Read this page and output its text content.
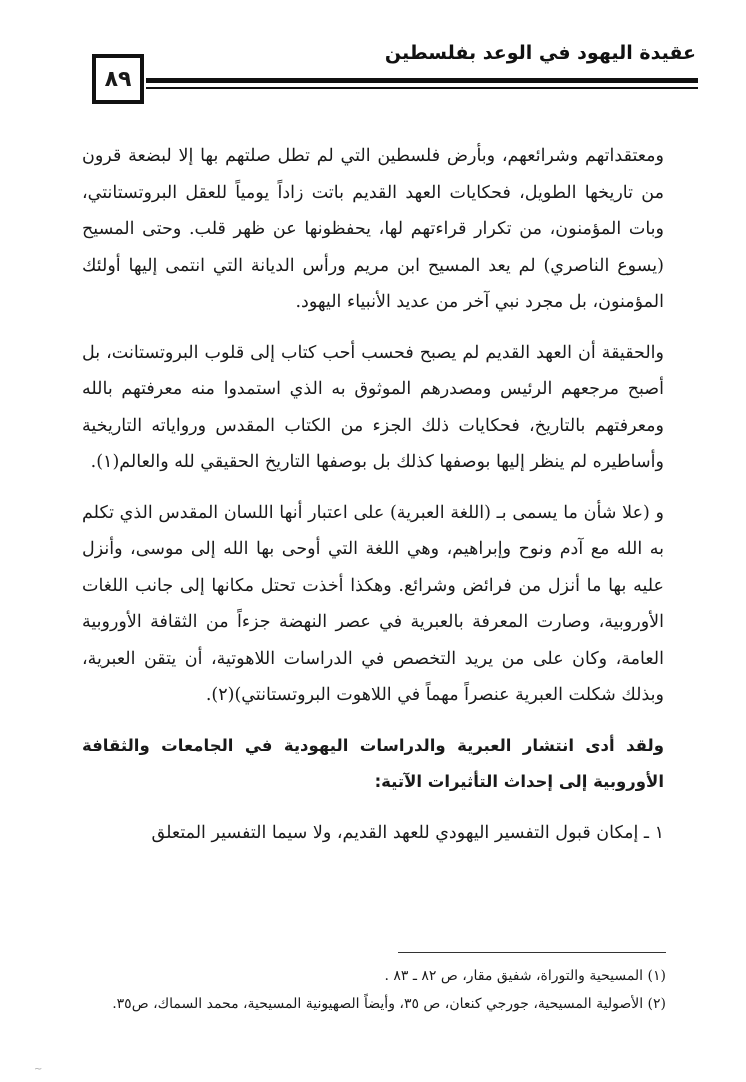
عقيدة اليهود في الوعد بفلسطين
٨٩

ومعتقداتهم وشرائعهم، وبأرض فلسطين التي لم تطل صلتهم بها إلا لبضعة قرون من تاريخها الطويل، فحكايات العهد القديم باتت زاداً يومياً للعقل البروتستانتي، وبات المؤمنون، من تكرار قراءتهم لها، يحفظونها عن ظهر قلب. وحتى المسيح (يسوع الناصري) لم يعد المسيح ابن مريم ورأس الديانة التي انتمى إليها أولئك المؤمنون، بل مجرد نبي آخر من عديد الأنبياء اليهود.

والحقيقة أن العهد القديم لم يصبح فحسب أحب كتاب إلى قلوب البروتستانت، بل أصبح مرجعهم الرئيس ومصدرهم الموثوق به الذي استمدوا منه معرفتهم بالله ومعرفتهم بالتاريخ، فحكايات ذلك الجزء من الكتاب المقدس ورواياته التاريخية وأساطيره لم ينظر إليها بوصفها كذلك بل بوصفها التاريخ الحقيقي لله والعالم(١).

و (علا شأن ما يسمى بـ (اللغة العبرية) على اعتبار أنها اللسان المقدس الذي تكلم به الله مع آدم ونوح وإبراهيم، وهي اللغة التي أوحى بها الله إلى موسى، وأنزل عليه بها ما أنزل من فرائض وشرائع. وهكذا أخذت تحتل مكانها إلى جانب اللغات الأوروبية، وصارت المعرفة بالعبرية في عصر النهضة جزءاً من الثقافة الأوروبية العامة، وكان على من يريد التخصص في الدراسات اللاهوتية، أن يتقن العبرية، وبذلك شكلت العبرية عنصراً مهماً في اللاهوت البروتستانتي)(٢).

ولقد أدى انتشار العبرية والدراسات اليهودية في الجامعات والثقافة الأوروبية إلى إحداث التأثيرات الآتية:

١ ـ إمكان قبول التفسير اليهودي للعهد القديم، ولا سيما التفسير المتعلق

(١) المسيحية والتوراة، شفيق مقار، ص ٨٢ ـ ٨٣ .
(٢) الأصولية المسيحية، جورجي كنعان، ص ٣٥، وأيضاً الصهيونية المسيحية، محمد السماك، ص٣٥.
~
